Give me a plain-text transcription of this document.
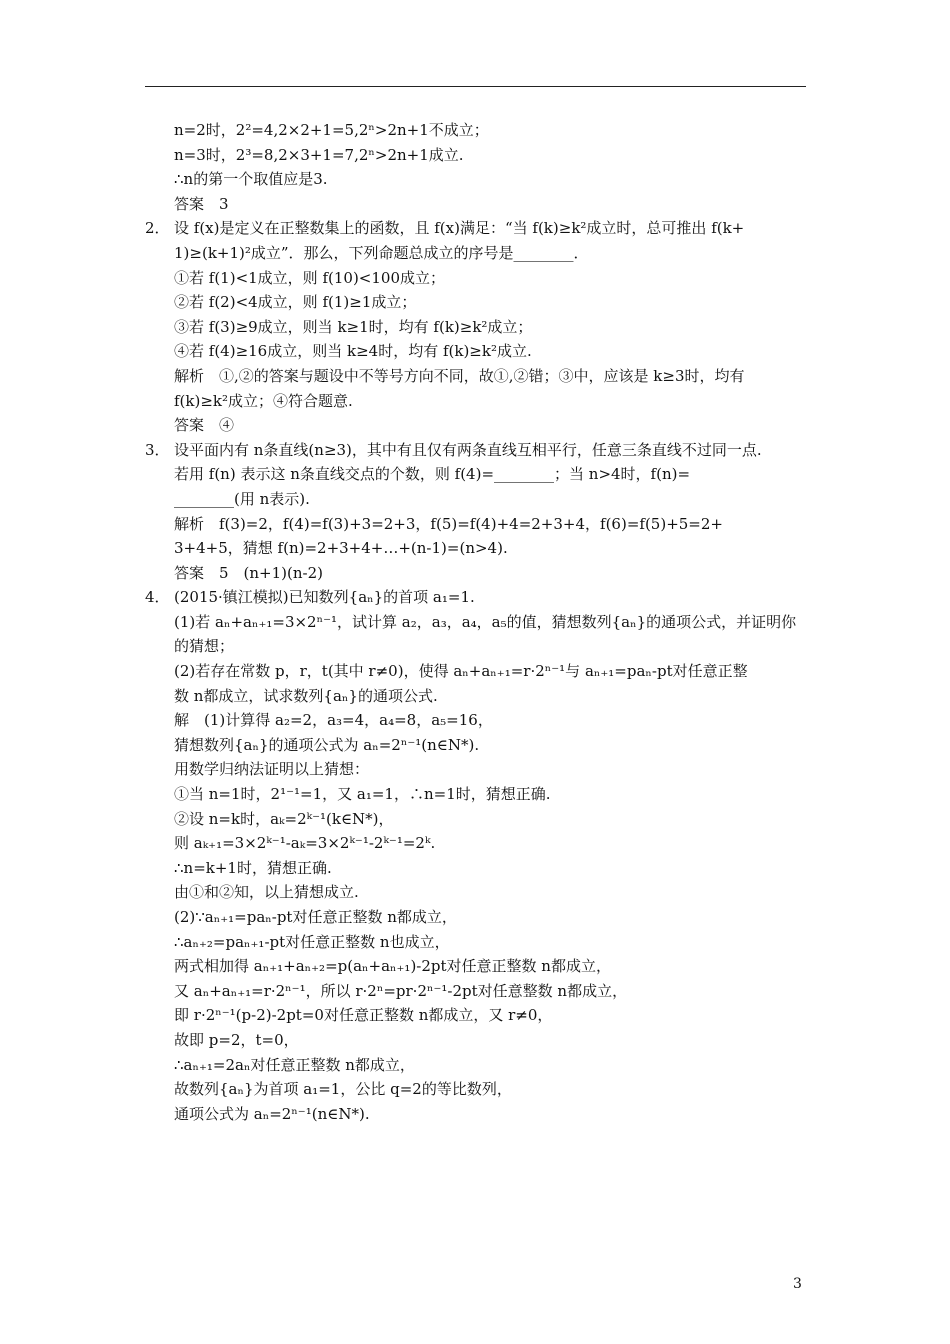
n=2时，2²=4,2×2+1=5,2ⁿ>2n+1不成立；
n=3时，2³=8,2×3+1=7,2ⁿ>2n+1成立.
∴n的第一个取值应是3.
答案　3
2． 设 f(x)是定义在正整数集上的函数，且 f(x)满足：“当 f(k)≥k²成立时，总可推出 f(k+
1)≥(k+1)²成立”．那么，下列命题总成立的序号是________．
①若 f(1)<1成立，则 f(10)<100成立；
②若 f(2)<4成立，则 f(1)≥1成立；
③若 f(3)≥9成立，则当 k≥1时，均有 f(k)≥k²成立；
④若 f(4)≥16成立，则当 k≥4时，均有 f(k)≥k²成立.
解析　①,②的答案与题设中不等号方向不同，故①,②错；③中，应该是 k≥3时，均有
f(k)≥k²成立；④符合题意.
答案　④
3． 设平面内有 n条直线(n≥3)，其中有且仅有两条直线互相平行，任意三条直线不过同一点.
若用 f(n) 表示这 n条直线交点的个数，则 f(4)=________；当 n>4时，f(n)=
________(用 n表示).
解析　f(3)=2，f(4)=f(3)+3=2+3，f(5)=f(4)+4=2+3+4，f(6)=f(5)+5=2+
3+4+5，猜想 f(n)=2+3+4+…+(n-1)=(n>4).
答案　5　(n+1)(n-2)
4． (2015·镇江模拟)已知数列{aₙ}的首项 a₁=1.
(1)若 aₙ+aₙ₊₁=3×2ⁿ⁻¹，试计算 a₂，a₃，a₄，a₅的值，猜想数列{aₙ}的通项公式，并证明你
的猜想；
(2)若存在常数 p，r，t(其中 r≠0)，使得 aₙ+aₙ₊₁=r·2ⁿ⁻¹与 aₙ₊₁=paₙ-pt对任意正整
数 n都成立，试求数列{aₙ}的通项公式.
解　(1)计算得 a₂=2，a₃=4，a₄=8，a₅=16，
猜想数列{aₙ}的通项公式为 aₙ=2ⁿ⁻¹(n∈N*).
用数学归纳法证明以上猜想：
①当 n=1时，2¹⁻¹=1，又 a₁=1，∴n=1时，猜想正确.
②设 n=k时，aₖ=2ᵏ⁻¹(k∈N*)，
则 aₖ₊₁=3×2ᵏ⁻¹-aₖ=3×2ᵏ⁻¹-2ᵏ⁻¹=2ᵏ.
∴n=k+1时，猜想正确.
由①和②知，以上猜想成立.
(2)∵aₙ₊₁=paₙ-pt对任意正整数 n都成立，
∴aₙ₊₂=paₙ₊₁-pt对任意正整数 n也成立，
两式相加得 aₙ₊₁+aₙ₊₂=p(aₙ+aₙ₊₁)-2pt对任意正整数 n都成立，
又 aₙ+aₙ₊₁=r·2ⁿ⁻¹，所以 r·2ⁿ=pr·2ⁿ⁻¹-2pt对任意整数 n都成立，
即 r·2ⁿ⁻¹(p-2)-2pt=0对任意正整数 n都成立，又 r≠0，
故即 p=2，t=0，
∴aₙ₊₁=2aₙ对任意正整数 n都成立，
故数列{aₙ}为首项 a₁=1，公比 q=2的等比数列，
通项公式为 aₙ=2ⁿ⁻¹(n∈N*).
3
